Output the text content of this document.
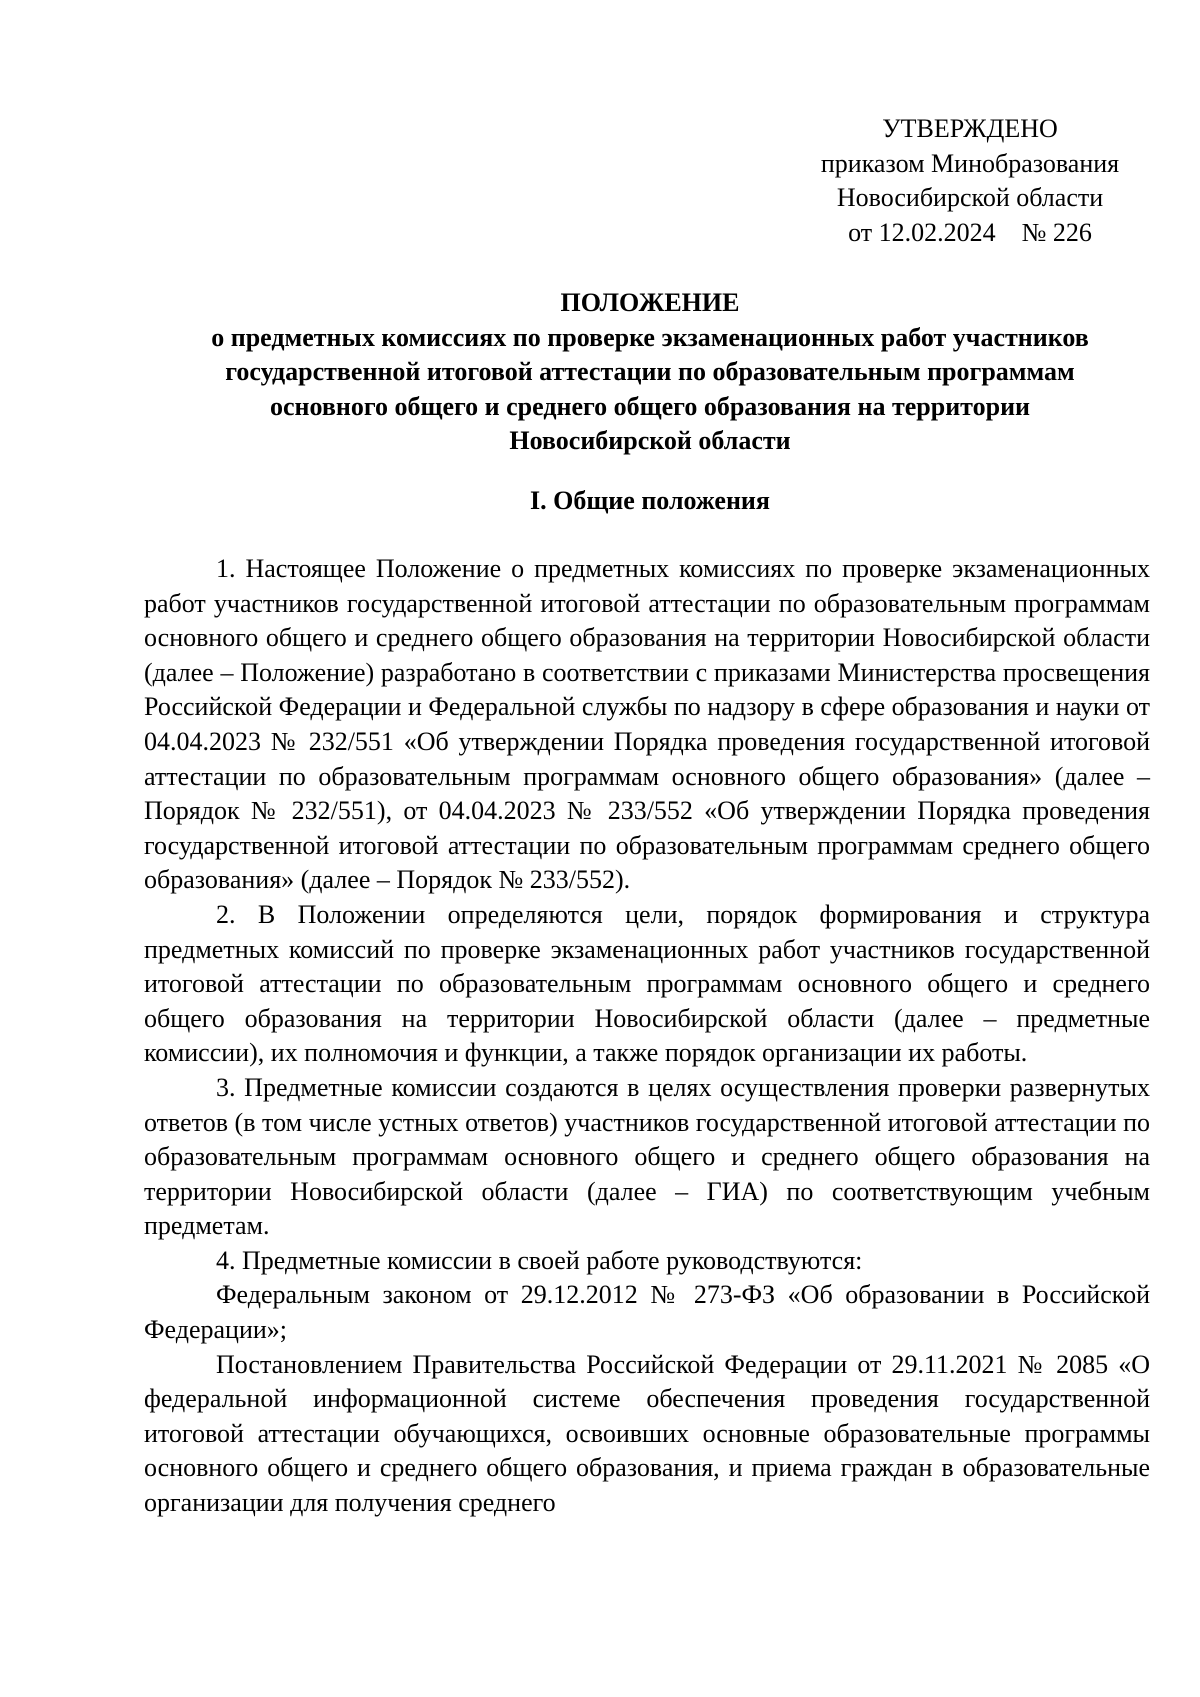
УТВЕРЖДЕНО
приказом Минобразования
Новосибирской области
от 12.02.2024    № 226
ПОЛОЖЕНИЕ
о предметных комиссиях по проверке экзаменационных работ участников
государственной итоговой аттестации по образовательным программам
основного общего и среднего общего образования на территории
Новосибирской области
I. Общие положения

1. Настоящее Положение о предметных комиссиях по проверке экзаменационных работ участников государственной итоговой аттестации по образовательным программам основного общего и среднего общего образования на территории Новосибирской области (далее – Положение) разработано в соответствии с приказами Министерства просвещения Российской Федерации и Федеральной службы по надзору в сфере образования и науки от 04.04.2023 № 232/551 «Об утверждении Порядка проведения государственной итоговой аттестации по образовательным программам основного общего образования» (далее – Порядок № 232/551), от 04.04.2023 № 233/552 «Об утверждении Порядка проведения государственной итоговой аттестации по образовательным программам среднего общего образования» (далее – Порядок № 233/552).

2. В Положении определяются цели, порядок формирования и структура предметных комиссий по проверке экзаменационных работ участников государственной итоговой аттестации по образовательным программам основного общего и среднего общего образования на территории Новосибирской области (далее – предметные комиссии), их полномочия и функции, а также порядок организации их работы.

3. Предметные комиссии создаются в целях осуществления проверки развернутых ответов (в том числе устных ответов) участников государственной итоговой аттестации по образовательным программам основного общего и среднего общего образования на территории Новосибирской области (далее – ГИА) по соответствующим учебным предметам.

4. Предметные комиссии в своей работе руководствуются:

Федеральным законом от 29.12.2012 № 273-ФЗ «Об образовании в Российской Федерации»;

Постановлением Правительства Российской Федерации от 29.11.2021 № 2085 «О федеральной информационной системе обеспечения проведения государственной итоговой аттестации обучающихся, освоивших основные образовательные программы основного общего и среднего общего образования, и приема граждан в образовательные организации для получения среднего
